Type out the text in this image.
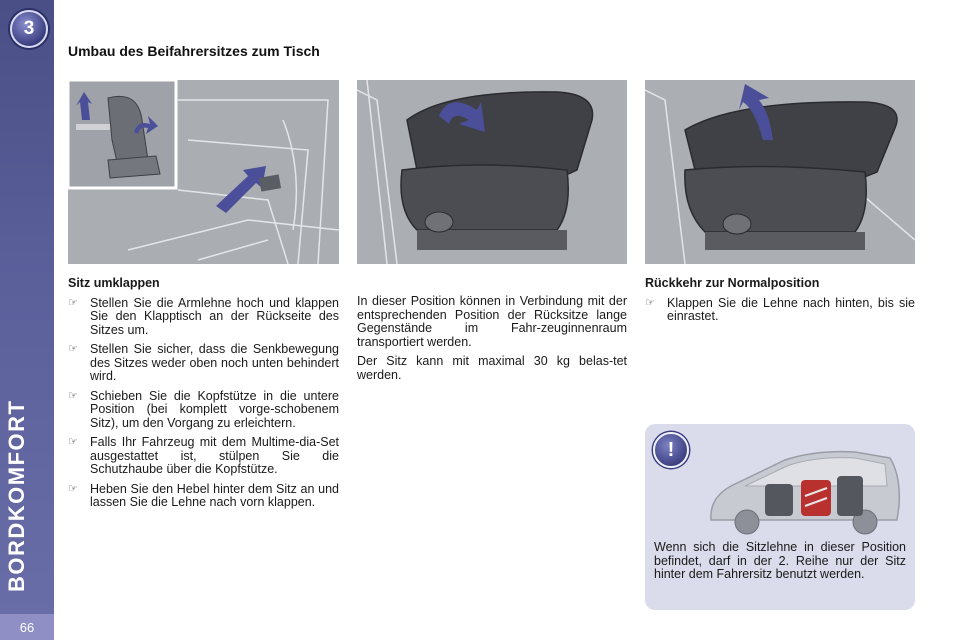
3
BORDKOMFORT
66
Umbau des Beifahrersitzes zum Tisch
Sitz umklappen
☞ Stellen Sie die Armlehne hoch und klappen Sie den Klapptisch an der Rückseite des Sitzes um.
☞ Stellen Sie sicher, dass die Senkbewegung des Sitzes weder oben noch unten behindert wird.
☞ Schieben Sie die Kopfstütze in die untere Position (bei komplett vorge-schobenem Sitz), um den Vorgang zu erleichtern.
☞ Falls Ihr Fahrzeug mit dem Multime-dia-Set ausgestattet ist, stülpen Sie die Schutzhaube über die Kopfstütze.
☞ Heben Sie den Hebel hinter dem Sitz an und lassen Sie die Lehne nach vorn klappen.

In dieser Position können in Verbindung mit der entsprechenden Position der Rücksitze lange Gegenstände im Fahr-zeuginnenraum transportiert werden.

Der Sitz kann mit maximal 30 kg belas-tet werden.

Rückkehr zur Normalposition
☞ Klappen Sie die Lehne nach hinten, bis sie einrastet.
!
Wenn sich die Sitzlehne in dieser Position befindet, darf in der 2. Reihe nur der Sitz hinter dem Fahrersitz benutzt werden.
